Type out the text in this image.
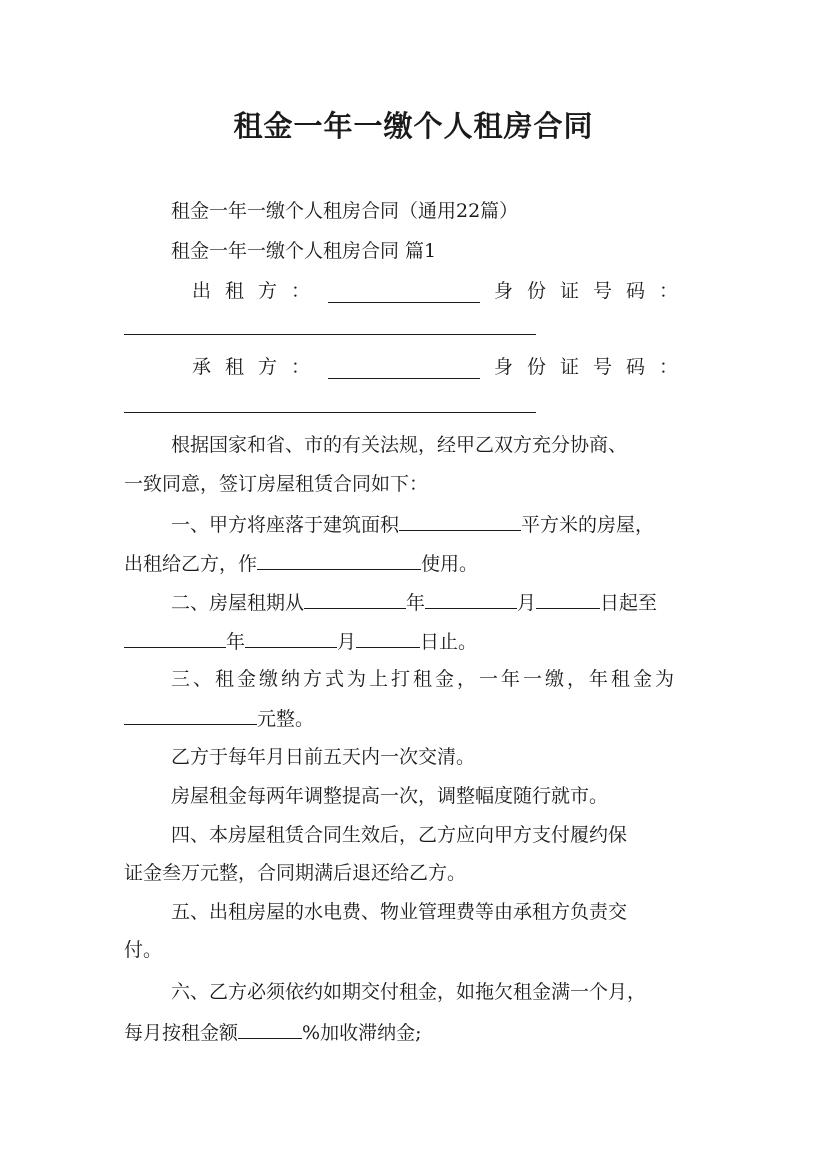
租金一年一缴个人租房合同
租金一年一缴个人租房合同（通用22篇）
租金一年一缴个人租房合同 篇1
出租方：	身份证号码：
承租方：	身份证号码：
根据国家和省、市的有关法规，经甲乙双方充分协商、
一致同意，签订房屋租赁合同如下：
一、甲方将座落于建筑面积	平方米的房屋，
出租给乙方，作	使用。
二、房屋租期从	年	月	日起至
年	月	日止。
三、租金缴纳方式为上打租金，一年一缴，年租金为
元整。
乙方于每年月日前五天内一次交清。
房屋租金每两年调整提高一次，调整幅度随行就市。
四、本房屋租赁合同生效后，乙方应向甲方支付履约保
证金叁万元整，合同期满后退还给乙方。
五、出租房屋的水电费、物业管理费等由承租方负责交
付。
六、乙方必须依约如期交付租金，如拖欠租金满一个月，
每月按租金额	%加收滞纳金;
